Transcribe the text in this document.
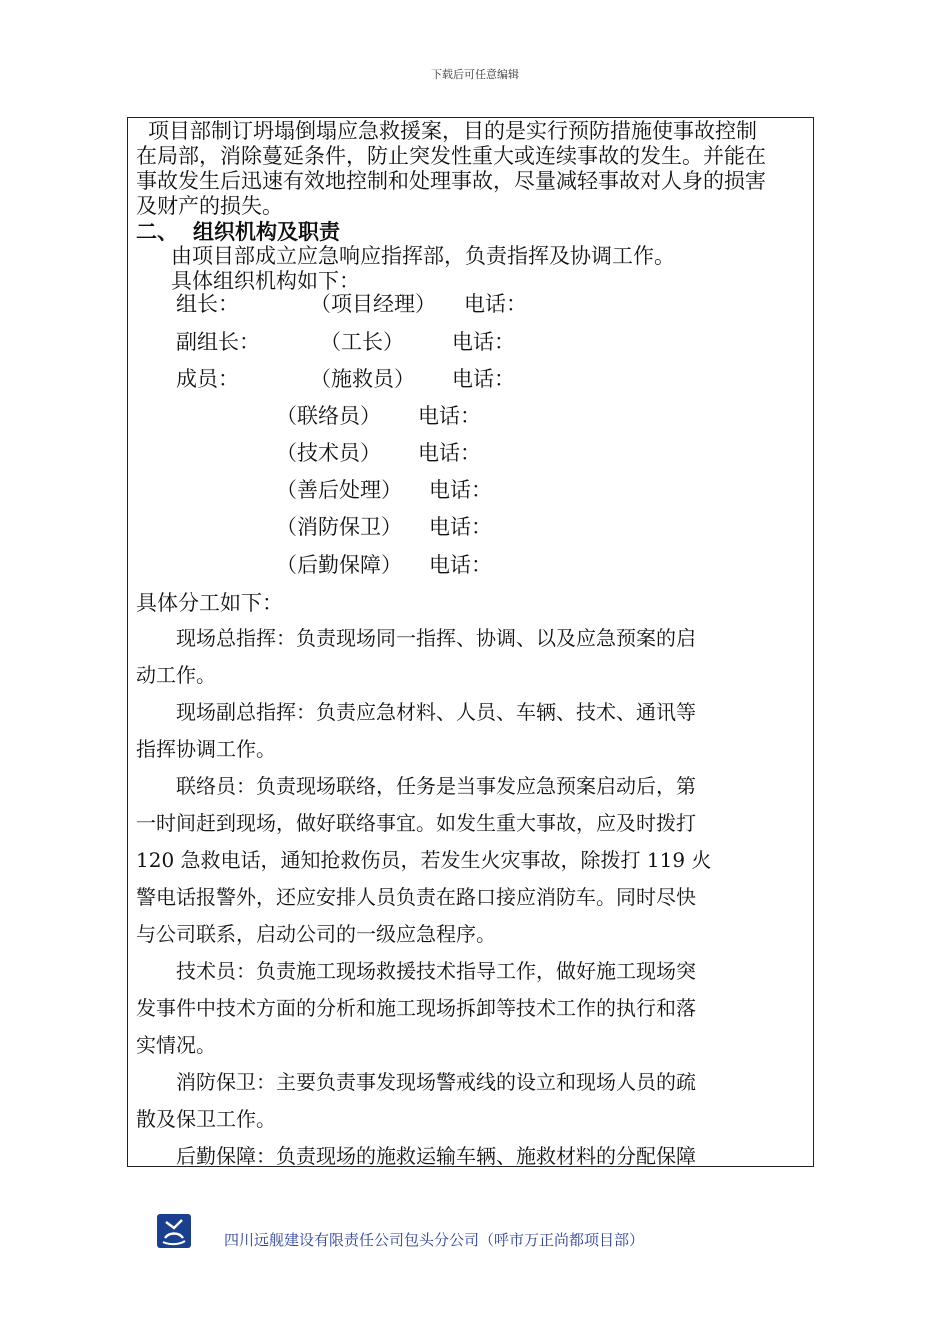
下载后可任意编辑
项目部制订坍塌倒塌应急救援案，目的是实行预防措施使事故控制
在局部，消除蔓延条件，防止突发性重大或连续事故的发生。并能在
事故发生后迅速有效地控制和处理事故，尽量减轻事故对人身的损害
及财产的损失。
二、 组织机构及职责
由项目部成立应急响应指挥部，负责指挥及协调工作。
具体组织机构如下：
组长：	（项目经理） 电话：
副组长：	（工长） 电话：
成员：	（施救员） 电话：
（联络员） 电话：
（技术员） 电话：
（善后处理） 电话：
（消防保卫） 电话：
（后勤保障） 电话：
具体分工如下：
　　现场总指挥：负责现场同一指挥、协调、以及应急预案的启
动工作。
　　现场副总指挥：负责应急材料、人员、车辆、技术、通讯等
指挥协调工作。
　　联络员：负责现场联络，任务是当事发应急预案启动后，第
一时间赶到现场，做好联络事宜。如发生重大事故，应及时拨打
120 急救电话，通知抢救伤员，若发生火灾事故，除拨打 119 火
警电话报警外，还应安排人员负责在路口接应消防车。同时尽快
与公司联系，启动公司的一级应急程序。
　　技术员：负责施工现场救援技术指导工作，做好施工现场突
发事件中技术方面的分析和施工现场拆卸等技术工作的执行和落
实情况。
　　消防保卫：主要负责事发现场警戒线的设立和现场人员的疏
散及保卫工作。
　　后勤保障：负责现场的施救运输车辆、施救材料的分配保障
四川远舰建设有限责任公司包头分公司（呼市万正尚都项目部）
